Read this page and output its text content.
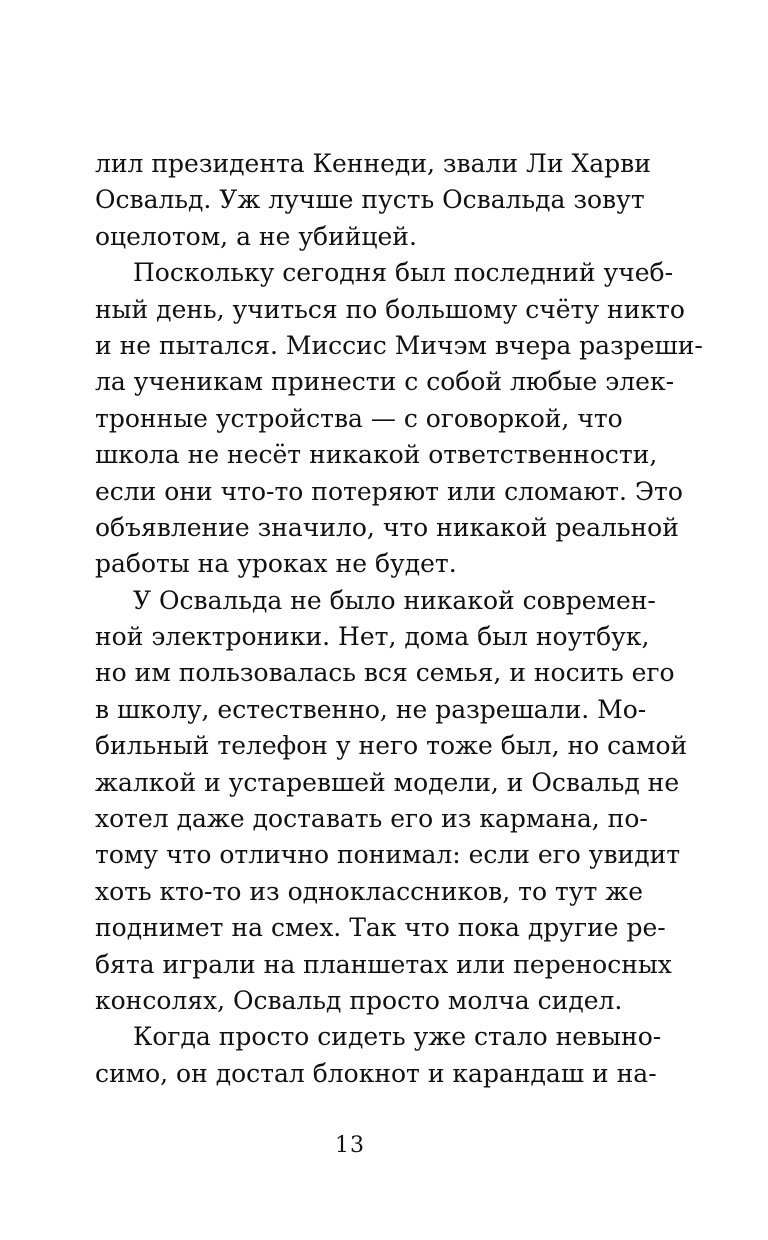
лил президента Кеннеди, звали Ли Харви
Освальд. Уж лучше пусть Освальда зовут
оцелотом, а не убийцей.
Поскольку сегодня был последний учеб-
ный день, учиться по большому счёту никто
и не пытался. Миссис Мичэм вчера разреши-
ла ученикам принести с собой любые элек-
тронные устройства — с оговоркой, что
школа не несёт никакой ответственности,
если они что-то потеряют или сломают. Это
объявление значило, что никакой реальной
работы на уроках не будет.
У Освальда не было никакой современ-
ной электроники. Нет, дома был ноутбук,
но им пользовалась вся семья, и носить его
в школу, естественно, не разрешали. Мо-
бильный телефон у него тоже был, но самой
жалкой и устаревшей модели, и Освальд не
хотел даже доставать его из кармана, по-
тому что отлично понимал: если его увидит
хоть кто-то из одноклассников, то тут же
поднимет на смех. Так что пока другие ре-
бята играли на планшетах или переносных
консолях, Освальд просто молча сидел.
Когда просто сидеть уже стало невыно-
симо, он достал блокнот и карандаш и на-
13
